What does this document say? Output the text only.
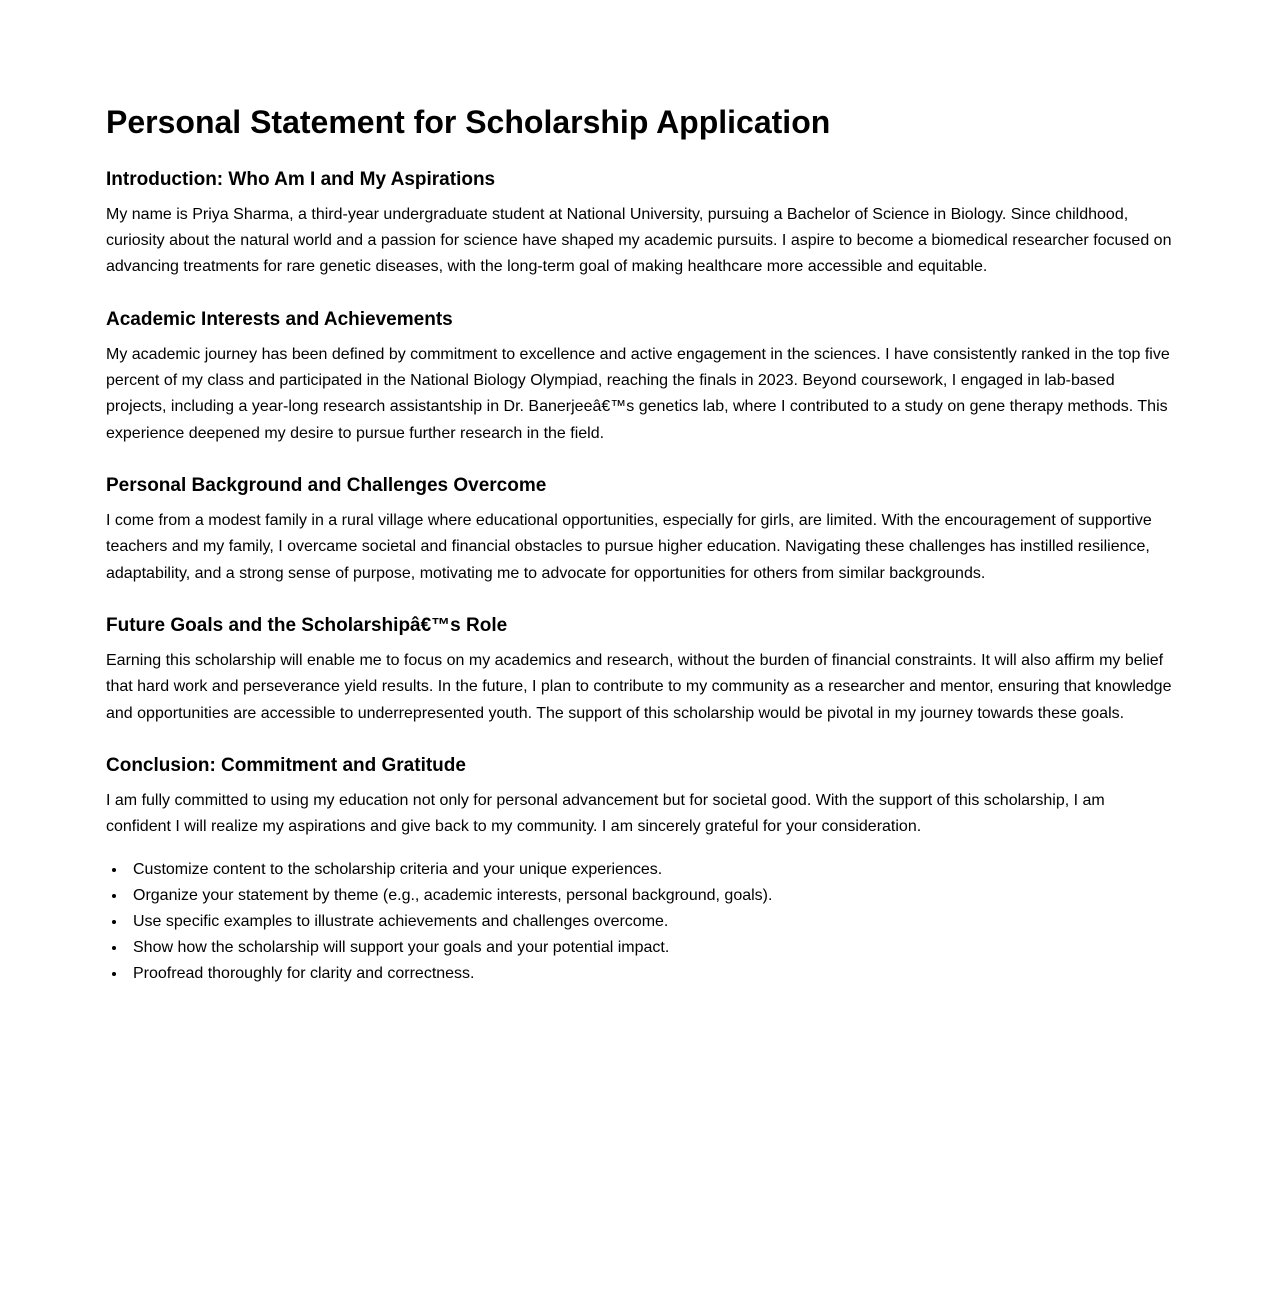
Personal Statement for Scholarship Application
Introduction: Who Am I and My Aspirations

My name is Priya Sharma, a third-year undergraduate student at National University, pursuing a Bachelor of Science in Biology. Since childhood, curiosity about the natural world and a passion for science have shaped my academic pursuits. I aspire to become a biomedical researcher focused on advancing treatments for rare genetic diseases, with the long-term goal of making healthcare more accessible and equitable.

Academic Interests and Achievements

My academic journey has been defined by commitment to excellence and active engagement in the sciences. I have consistently ranked in the top five percent of my class and participated in the National Biology Olympiad, reaching the finals in 2023. Beyond coursework, I engaged in lab-based projects, including a year-long research assistantship in Dr. Banerjeeâ€™s genetics lab, where I contributed to a study on gene therapy methods. This experience deepened my desire to pursue further research in the field.

Personal Background and Challenges Overcome

I come from a modest family in a rural village where educational opportunities, especially for girls, are limited. With the encouragement of supportive teachers and my family, I overcame societal and financial obstacles to pursue higher education. Navigating these challenges has instilled resilience, adaptability, and a strong sense of purpose, motivating me to advocate for opportunities for others from similar backgrounds.

Future Goals and the Scholarshipâ€™s Role

Earning this scholarship will enable me to focus on my academics and research, without the burden of financial constraints. It will also affirm my belief that hard work and perseverance yield results. In the future, I plan to contribute to my community as a researcher and mentor, ensuring that knowledge and opportunities are accessible to underrepresented youth. The support of this scholarship would be pivotal in my journey towards these goals.

Conclusion: Commitment and Gratitude

I am fully committed to using my education not only for personal advancement but for societal good. With the support of this scholarship, I am confident I will realize my aspirations and give back to my community. I am sincerely grateful for your consideration.

• Customize content to the scholarship criteria and your unique experiences.
• Organize your statement by theme (e.g., academic interests, personal background, goals).
• Use specific examples to illustrate achievements and challenges overcome.
• Show how the scholarship will support your goals and your potential impact.
• Proofread thoroughly for clarity and correctness.
